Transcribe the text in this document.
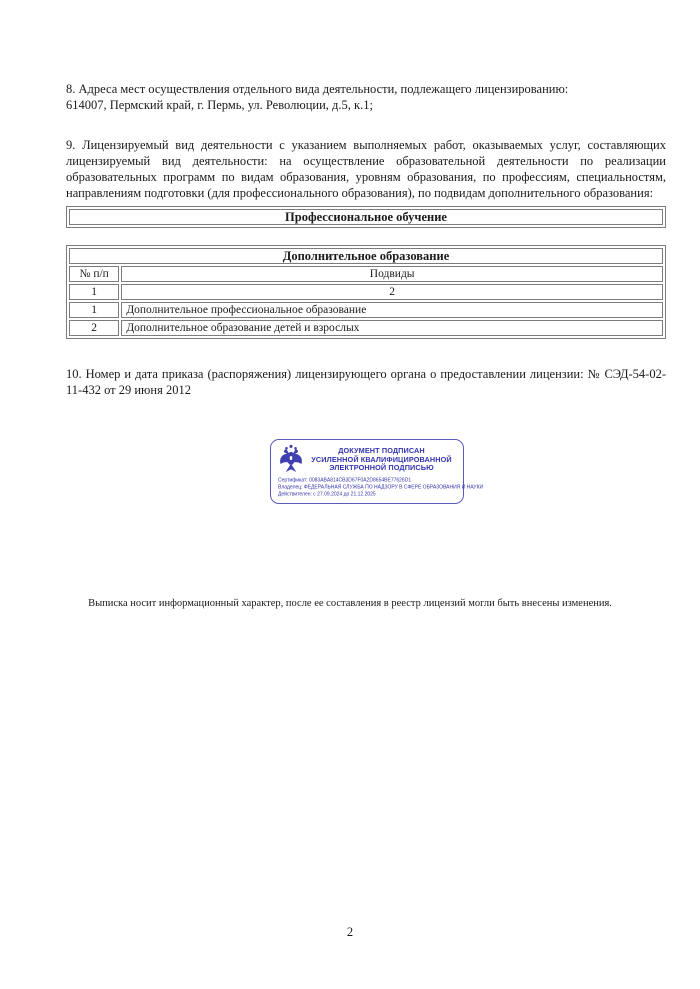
8. Адреса мест осуществления отдельного вида деятельности, подлежащего лицензированию:

614007, Пермский край, г. Пермь, ул. Революции, д.5, к.1;

9. Лицензируемый вид деятельности с указанием выполняемых работ, оказываемых услуг, составляющих лицензируемый вид деятельности: на осуществление образовательной деятельности по реализации образовательных программ по видам образования, уровням образования, по профессиям, специальностям, направлениям подготовки (для профессионального образования), по подвидам дополнительного образования:

Профессиональное обучение
Дополнительное образование	
№ п/п	Подвиды
1	2
1	Дополнительное профессиональное образование
2	Дополнительное образование детей и взрослых

10. Номер и дата приказа (распоряжения) лицензирующего органа о предоставлении лицензии: № СЭД-54-02-11-432 от 29 июня 2012

ДОКУМЕНТ ПОДПИСАН
УСИЛЕННОЙ КВАЛИФИЦИРОВАННОЙ
ЭЛЕКТРОННОЙ ПОДПИСЬЮ
Сертификат: 0083ABA814CB3D67F0A2D8654BE77626D1
Владелец: ФЕДЕРАЛЬНАЯ СЛУЖБА ПО НАДЗОРУ В СФЕРЕ ОБРАЗОВАНИЯ И НАУКИ
Действителен: с 27.09.2024 до 21.12.2025
Выписка носит информационный характер, после ее составления в реестр лицензий могли быть внесены изменения.
2
